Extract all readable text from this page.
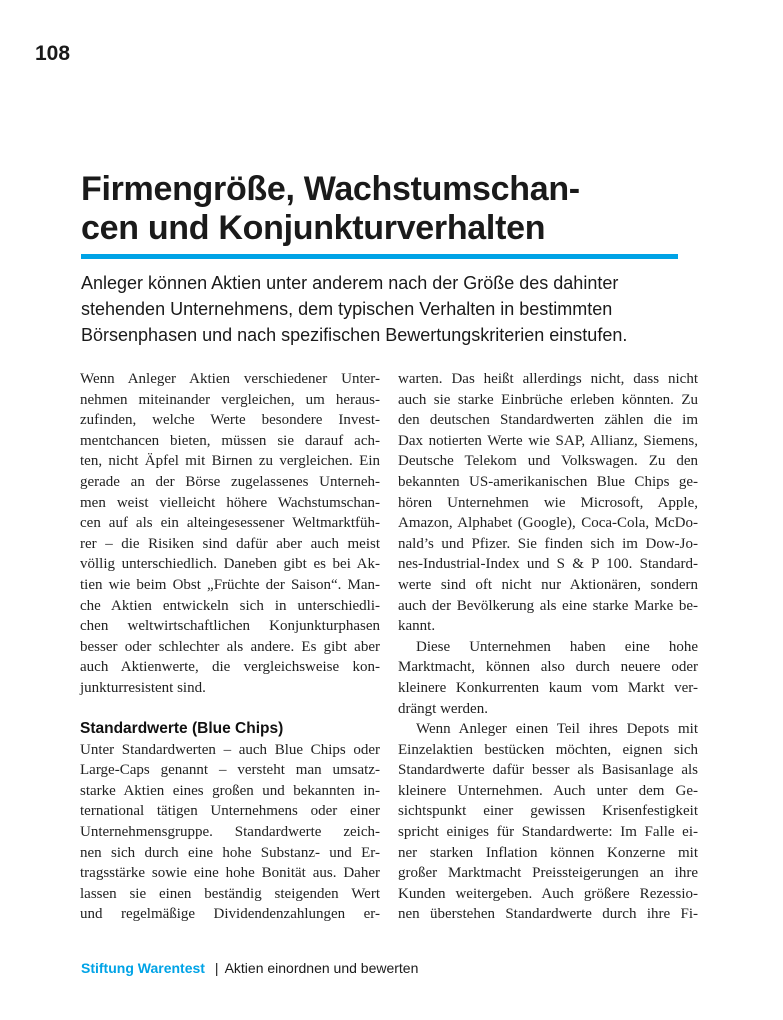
108
Firmengröße, Wachstumschan-
cen und Konjunkturverhalten
Anleger können Aktien unter anderem nach der Größe des dahinter
stehenden Unternehmens, dem typischen Verhalten in bestimmten
Börsenphasen und nach spezifischen Bewertungskriterien einstufen.
Wenn Anleger Aktien verschiedener Unter-
nehmen miteinander vergleichen, um heraus-
zufinden, welche Werte besondere Invest-
mentchancen bieten, müssen sie darauf ach-
ten, nicht Äpfel mit Birnen zu vergleichen. Ein
gerade an der Börse zugelassenes Unterneh-
men weist vielleicht höhere Wachstumschan-
cen auf als ein alteingesessener Weltmarktfüh-
rer – die Risiken sind dafür aber auch meist
völlig unterschiedlich. Daneben gibt es bei Ak-
tien wie beim Obst „Früchte der Saison“. Man-
che Aktien entwickeln sich in unterschiedli-
chen weltwirtschaftlichen Konjunkturphasen
besser oder schlechter als andere. Es gibt aber
auch Aktienwerte, die vergleichsweise kon-
junkturresistent sind.
Standardwerte (Blue Chips)
Unter Standardwerten – auch Blue Chips oder
Large-Caps genannt – versteht man umsatz-
starke Aktien eines großen und bekannten in-
ternational tätigen Unternehmens oder einer
Unternehmensgruppe. Standardwerte zeich-
nen sich durch eine hohe Substanz- und Er-
tragsstärke sowie eine hohe Bonität aus. Daher
lassen sie einen beständig steigenden Wert
und regelmäßige Dividendenzahlungen er-
warten. Das heißt allerdings nicht, dass nicht
auch sie starke Einbrüche erleben könnten. Zu
den deutschen Standardwerten zählen die im
Dax notierten Werte wie SAP, Allianz, Siemens,
Deutsche Telekom und Volkswagen. Zu den
bekannten US-amerikanischen Blue Chips ge-
hören Unternehmen wie Microsoft, Apple,
Amazon, Alphabet (Google), Coca-Cola, McDo-
nald’s und Pfizer. Sie finden sich im Dow-Jo-
nes-Industrial-Index und S & P 100. Standard-
werte sind oft nicht nur Aktionären, sondern
auch der Bevölkerung als eine starke Marke be-
kannt.
Diese Unternehmen haben eine hohe
Marktmacht, können also durch neuere oder
kleinere Konkurrenten kaum vom Markt ver-
drängt werden.
Wenn Anleger einen Teil ihres Depots mit
Einzelaktien bestücken möchten, eignen sich
Standardwerte dafür besser als Basisanlage als
kleinere Unternehmen. Auch unter dem Ge-
sichtspunkt einer gewissen Krisenfestigkeit
spricht einiges für Standardwerte: Im Falle ei-
ner starken Inflation können Konzerne mit
großer Marktmacht Preissteigerungen an ihre
Kunden weitergeben. Auch größere Rezessio-
nen überstehen Standardwerte durch ihre Fi-
Stiftung Warentest | Aktien einordnen und bewerten
